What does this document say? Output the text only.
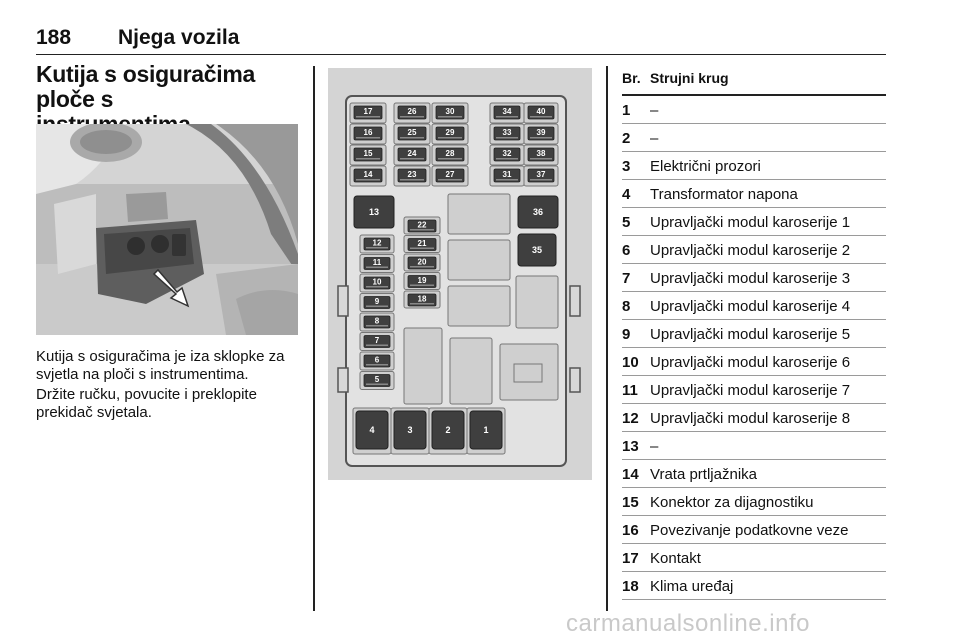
188 Njega vozila
Kutija s osiguračima ploče s

Kutija s osiguračima je iza sklopke za svjetla na ploči s instrumentima.
Držite ručku, povucite i preklopite prekidač svjetala.
17	26	30
16	25	29
15	24	28
14	23	27
34	40
33	39
32	38
31	37
13	36
35
12
11
10
9
8
7
6
5
22
21
20
19
18
4	3	2	1
Br. Strujni krug
1 –
2 –
3 Električni prozori
4 Transformator napona
5 Upravljački modul karoserije 1
6 Upravljački modul karoserije 2
7 Upravljački modul karoserije 3
8 Upravljački modul karoserije 4
9 Upravljački modul karoserije 5
10 Upravljački modul karoserije 6
11 Upravljački modul karoserije 7
12 Upravljački modul karoserije 8
13 –
14 Vrata prtljažnika
15 Konektor za dijagnostiku
16 Povezivanje podatkovne veze
17 Kontakt
18 Klima uređaj
carmanualsonline.info
